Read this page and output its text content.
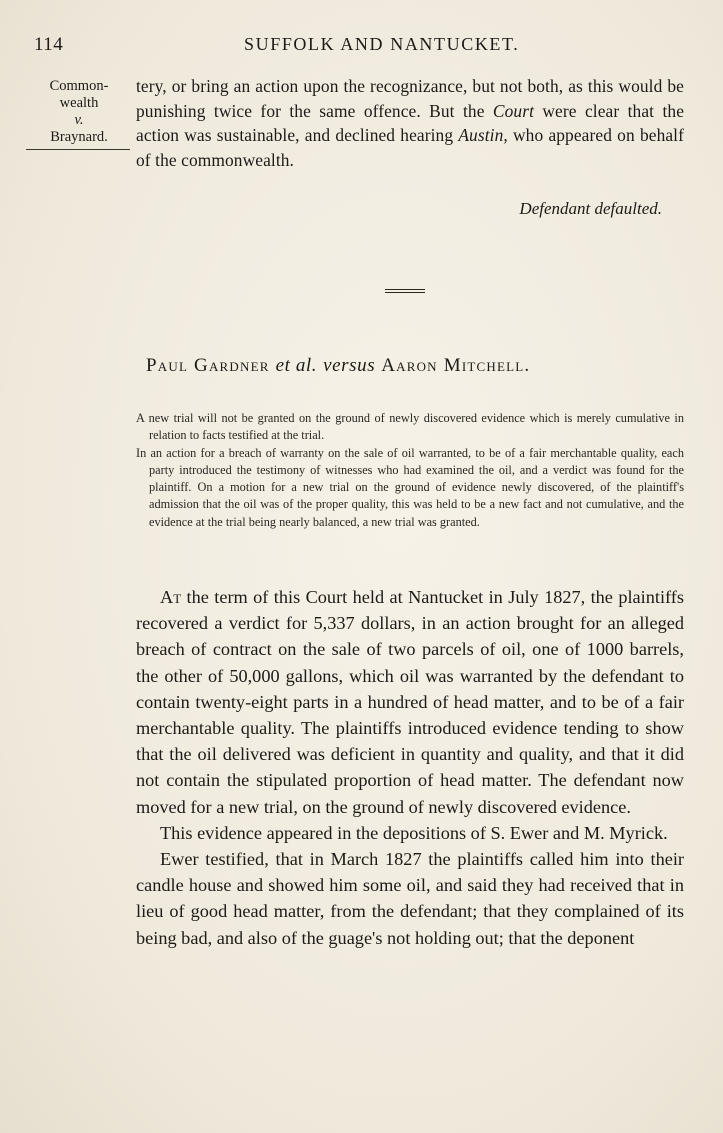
114	SUFFOLK AND NANTUCKET.
Common-
wealth
v.
Braynard.

tery, or bring an action upon the recognizance, but not both, as this would be punishing twice for the same offence. But the Court were clear that the action was sustainable, and declined hearing Austin, who appeared on behalf of the commonwealth.

Defendant defaulted.
Paul Gardner et al. versus Aaron Mitchell.

A new trial will not be granted on the ground of newly discovered evidence which is merely cumulative in relation to facts testified at the trial.

In an action for a breach of warranty on the sale of oil warranted, to be of a fair merchantable quality, each party introduced the testimony of witnesses who had examined the oil, and a verdict was found for the plaintiff. On a motion for a new trial on the ground of evidence newly discovered, of the plaintiff's admission that the oil was of the proper quality, this was held to be a new fact and not cumulative, and the evidence at the trial being nearly balanced, a new trial was granted.

At the term of this Court held at Nantucket in July 1827, the plaintiffs recovered a verdict for 5,337 dollars, in an action brought for an alleged breach of contract on the sale of two parcels of oil, one of 1000 barrels, the other of 50,000 gallons, which oil was warranted by the defendant to contain twenty-eight parts in a hundred of head matter, and to be of a fair merchantable quality. The plaintiffs introduced evidence tending to show that the oil delivered was deficient in quantity and quality, and that it did not contain the stipulated proportion of head matter. The defendant now moved for a new trial, on the ground of newly discovered evidence.

This evidence appeared in the depositions of S. Ewer and M. Myrick.

Ewer testified, that in March 1827 the plaintiffs called him into their candle house and showed him some oil, and said they had received that in lieu of good head matter, from the defendant; that they complained of its being bad, and also of the guage's not holding out; that the deponent
